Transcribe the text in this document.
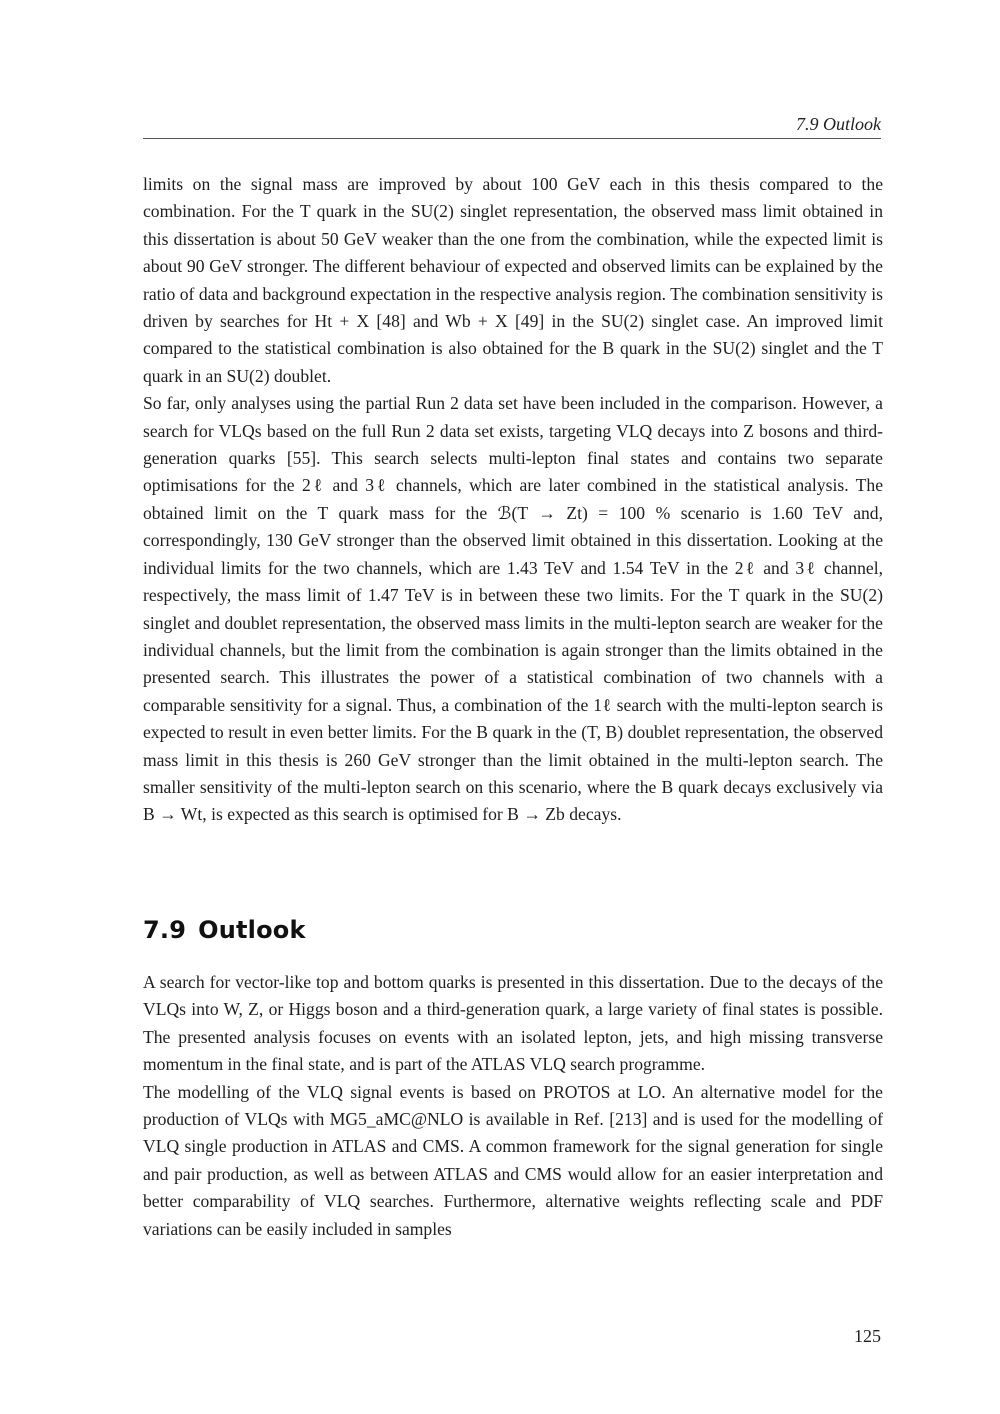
7.9 Outlook

limits on the signal mass are improved by about 100 GeV each in this thesis compared to the combination. For the T quark in the SU(2) singlet representation, the observed mass limit obtained in this dissertation is about 50 GeV weaker than the one from the combination, while the expected limit is about 90 GeV stronger. The different behaviour of expected and observed limits can be explained by the ratio of data and background expectation in the respective analysis region. The combination sensitivity is driven by searches for Ht + X [48] and Wb + X [49] in the SU(2) singlet case. An improved limit compared to the statistical combination is also obtained for the B quark in the SU(2) singlet and the T quark in an SU(2) doublet.

So far, only analyses using the partial Run 2 data set have been included in the comparison. However, a search for VLQs based on the full Run 2 data set exists, targeting VLQ decays into Z bosons and third-generation quarks [55]. This search selects multi-lepton final states and contains two separate optimisations for the 2ℓ and 3ℓ channels, which are later combined in the statistical analysis. The obtained limit on the T quark mass for the ℬ(T → Zt) = 100 % scenario is 1.60 TeV and, correspondingly, 130 GeV stronger than the observed limit obtained in this dissertation. Looking at the individual limits for the two channels, which are 1.43 TeV and 1.54 TeV in the 2ℓ and 3ℓ channel, respectively, the mass limit of 1.47 TeV is in between these two limits. For the T quark in the SU(2) singlet and doublet representation, the observed mass limits in the multi-lepton search are weaker for the individual channels, but the limit from the combination is again stronger than the limits obtained in the presented search. This illustrates the power of a statistical combination of two channels with a comparable sensitivity for a signal. Thus, a combination of the 1ℓ search with the multi-lepton search is expected to result in even better limits. For the B quark in the (T, B) doublet representation, the observed mass limit in this thesis is 260 GeV stronger than the limit obtained in the multi-lepton search. The smaller sensitivity of the multi-lepton search on this scenario, where the B quark decays exclusively via B → Wt, is expected as this search is optimised for B → Zb decays.

7.9 Outlook

A search for vector-like top and bottom quarks is presented in this dissertation. Due to the decays of the VLQs into W, Z, or Higgs boson and a third-generation quark, a large variety of final states is possible. The presented analysis focuses on events with an isolated lepton, jets, and high missing transverse momentum in the final state, and is part of the ATLAS VLQ search programme.

The modelling of the VLQ signal events is based on PROTOS at LO. An alternative model for the production of VLQs with MG5_aMC@NLO is available in Ref. [213] and is used for the modelling of VLQ single production in ATLAS and CMS. A common framework for the signal generation for single and pair production, as well as between ATLAS and CMS would allow for an easier interpretation and better comparability of VLQ searches. Furthermore, alternative weights reflecting scale and PDF variations can be easily included in samples

125
